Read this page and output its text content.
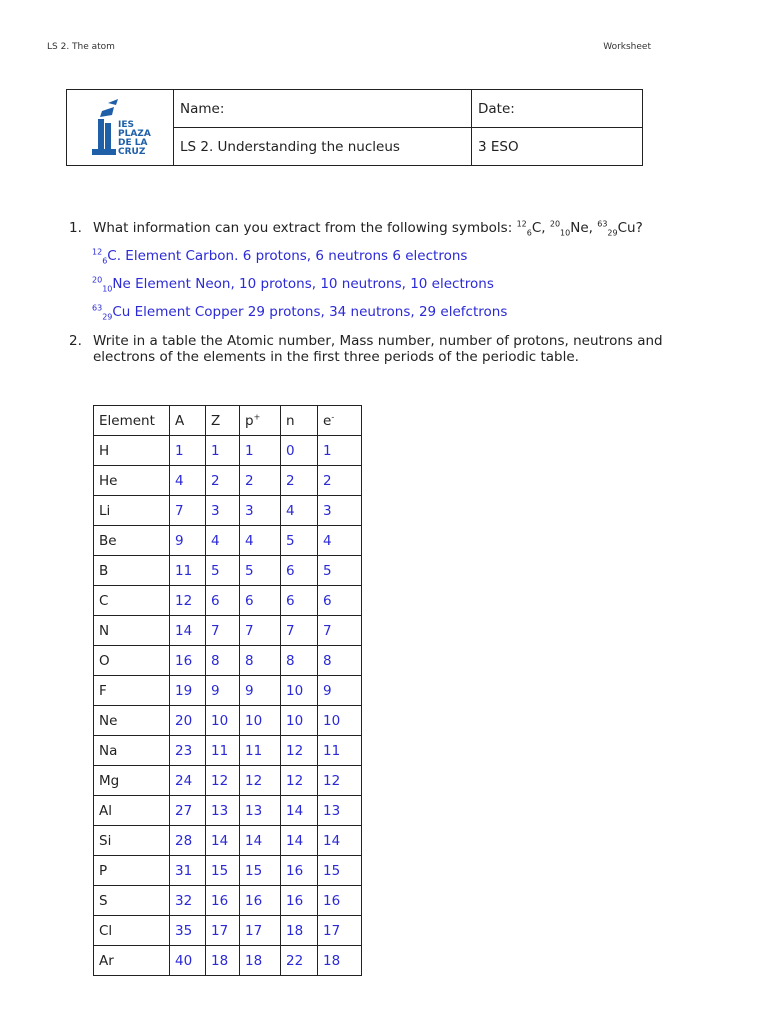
LS 2. The atom	Worksheet
IES
PLAZA
DE LA
CRUZ	Name:	Date:
	LS 2. Understanding the nucleus	3 ESO
1. What information can you extract from the following symbols: $^{12}_6$C, $^{20}_{10}$Ne, $^{63}_{29}$Cu?
$^{12}_6$C. Element Carbon. 6 protons, 6 neutrons 6 electrons
$^{20}_{10}$Ne Element Neon, 10 protons, 10 neutrons, 10 electrons
$^{63}_{29}$Cu Element Copper 29 protons, 34 neutrons, 29 elefctrons
2. Write in a table the Atomic number, Mass number, number of protons, neutrons and electrons of the elements in the first three periods of the periodic table.
Element	A	Z	p+	n	e-
H	1	1	1	0	1
He	4	2	2	2	2
Li	7	3	3	4	3
Be	9	4	4	5	4
B	11	5	5	6	5
C	12	6	6	6	6
N	14	7	7	7	7
O	16	8	8	8	8
F	19	9	9	10	9
Ne	20	10	10	10	10
Na	23	11	11	12	11
Mg	24	12	12	12	12
Al	27	13	13	14	13
Si	28	14	14	14	14
P	31	15	15	16	15
S	32	16	16	16	16
Cl	35	17	17	18	17
Ar	40	18	18	22	18
